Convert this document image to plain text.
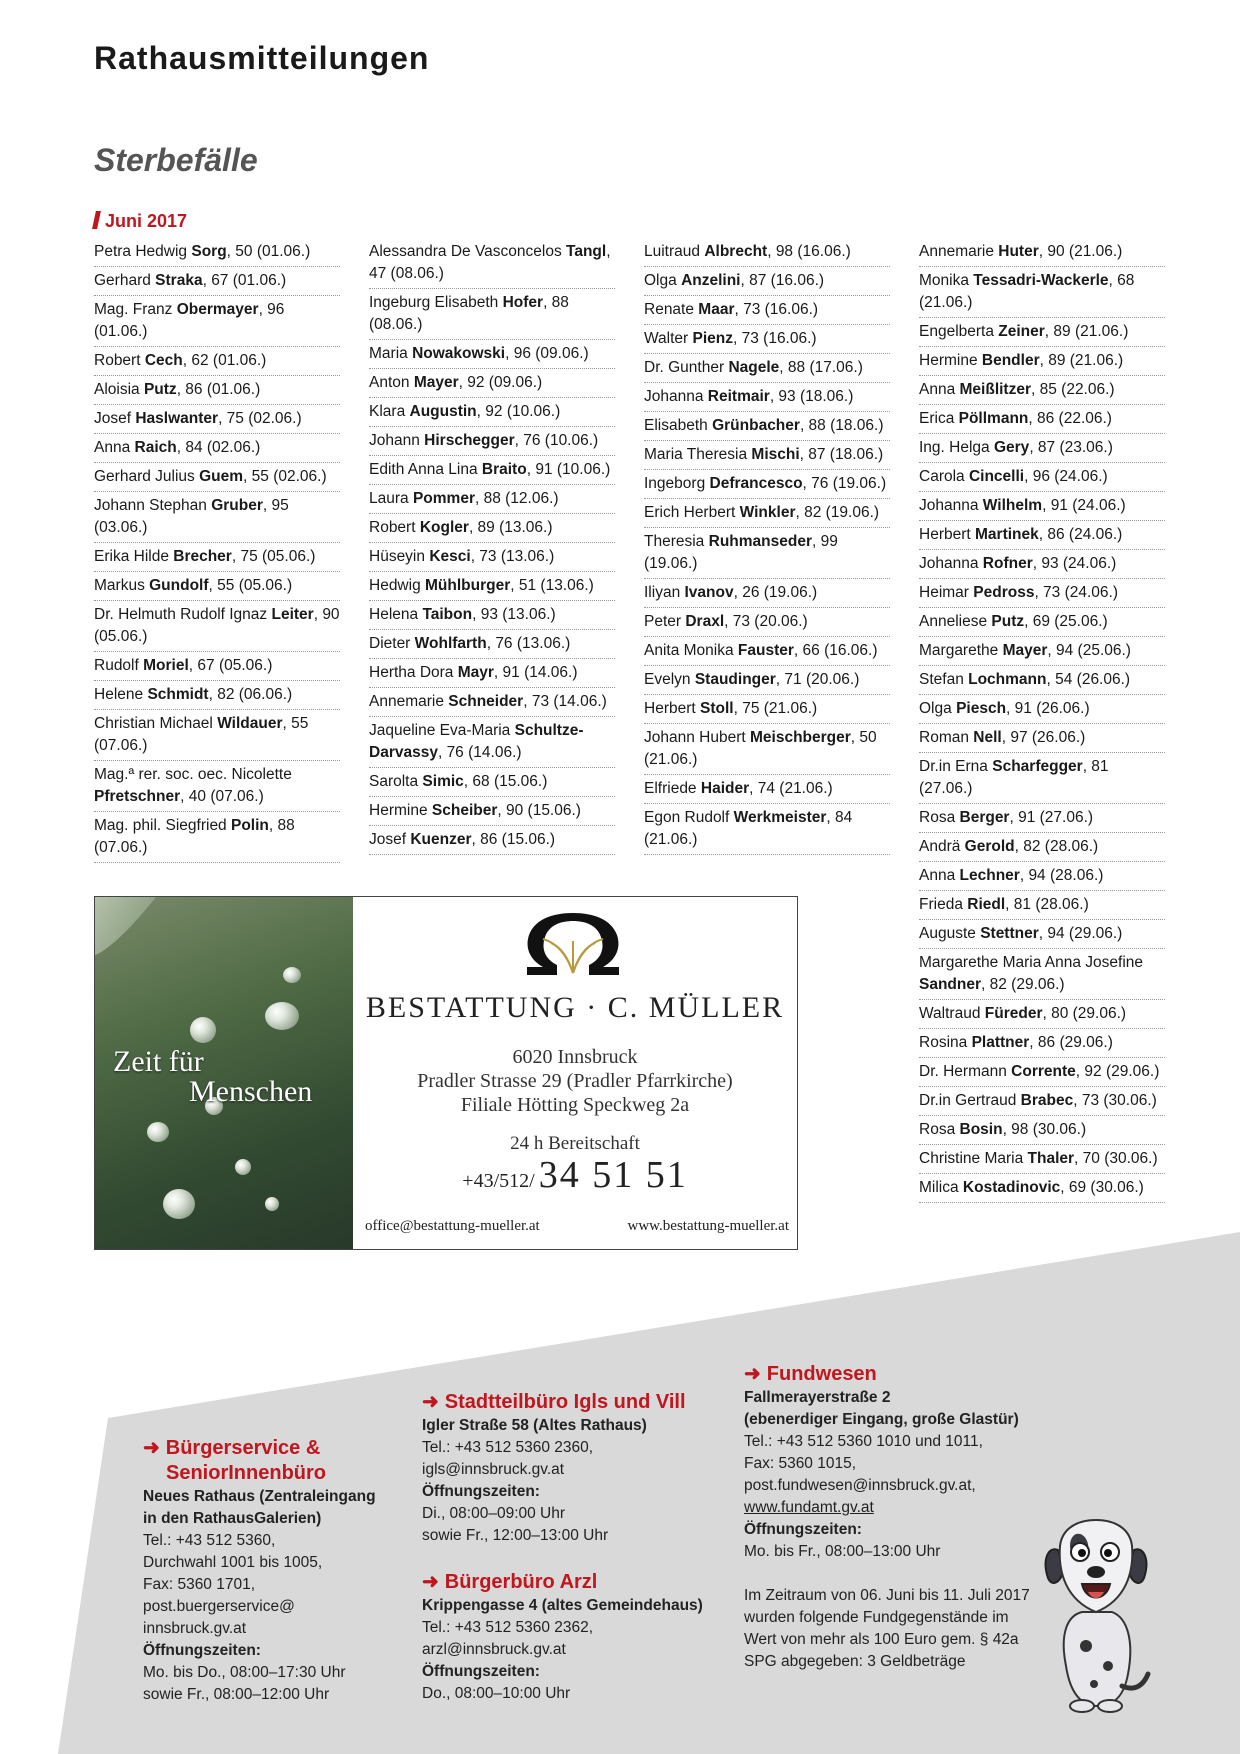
Rathausmitteilungen
Sterbefälle
Juni 2017
Petra Hedwig Sorg, 50 (01.06.)
Gerhard Straka, 67 (01.06.)
Mag. Franz Obermayer, 96 (01.06.)
Robert Cech, 62 (01.06.)
Aloisia Putz, 86 (01.06.)
Josef Haslwanter, 75 (02.06.)
Anna Raich, 84 (02.06.)
Gerhard Julius Guem, 55 (02.06.)
Johann Stephan Gruber, 95 (03.06.)
Erika Hilde Brecher, 75 (05.06.)
Markus Gundolf, 55 (05.06.)
Dr. Helmuth Rudolf Ignaz Leiter, 90 (05.06.)
Rudolf Moriel, 67 (05.06.)
Helene Schmidt, 82 (06.06.)
Christian Michael Wildauer, 55 (07.06.)
Mag.ª rer. soc. oec. Nicolette Pfretschner, 40 (07.06.)
Mag. phil. Siegfried Polin, 88 (07.06.)
Alessandra De Vasconcelos Tangl, 47 (08.06.)
Ingeburg Elisabeth Hofer, 88 (08.06.)
Maria Nowakowski, 96 (09.06.)
Anton Mayer, 92 (09.06.)
Klara Augustin, 92 (10.06.)
Johann Hirschegger, 76 (10.06.)
Edith Anna Lina Braito, 91 (10.06.)
Laura Pommer, 88 (12.06.)
Robert Kogler, 89 (13.06.)
Hüseyin Kesci, 73 (13.06.)
Hedwig Mühlburger, 51 (13.06.)
Helena Taibon, 93 (13.06.)
Dieter Wohlfarth, 76 (13.06.)
Hertha Dora Mayr, 91 (14.06.)
Annemarie Schneider, 73 (14.06.)
Jaqueline Eva-Maria Schultze-Darvassy, 76 (14.06.)
Sarolta Simic, 68 (15.06.)
Hermine Scheiber, 90 (15.06.)
Josef Kuenzer, 86 (15.06.)
Luitraud Albrecht, 98 (16.06.)
Olga Anzelini, 87 (16.06.)
Renate Maar, 73 (16.06.)
Walter Pienz, 73 (16.06.)
Dr. Gunther Nagele, 88 (17.06.)
Johanna Reitmair, 93 (18.06.)
Elisabeth Grünbacher, 88 (18.06.)
Maria Theresia Mischi, 87 (18.06.)
Ingeborg Defrancesco, 76 (19.06.)
Erich Herbert Winkler, 82 (19.06.)
Theresia Ruhmanseder, 99 (19.06.)
Iliyan Ivanov, 26 (19.06.)
Peter Draxl, 73 (20.06.)
Anita Monika Fauster, 66 (16.06.)
Evelyn Staudinger, 71 (20.06.)
Herbert Stoll, 75 (21.06.)
Johann Hubert Meischberger, 50 (21.06.)
Elfriede Haider, 74 (21.06.)
Egon Rudolf Werkmeister, 84 (21.06.)
Annemarie Huter, 90 (21.06.)
Monika Tessadri-Wackerle, 68 (21.06.)
Engelberta Zeiner, 89 (21.06.)
Hermine Bendler, 89 (21.06.)
Anna Meißlitzer, 85 (22.06.)
Erica Pöllmann, 86 (22.06.)
Ing. Helga Gery, 87 (23.06.)
Carola Cincelli, 96 (24.06.)
Johanna Wilhelm, 91 (24.06.)
Herbert Martinek, 86 (24.06.)
Johanna Rofner, 93 (24.06.)
Heimar Pedross, 73 (24.06.)
Anneliese Putz, 69 (25.06.)
Margarethe Mayer, 94 (25.06.)
Stefan Lochmann, 54 (26.06.)
Olga Piesch, 91 (26.06.)
Roman Nell, 97 (26.06.)
Dr.in Erna Scharfegger, 81 (27.06.)
Rosa Berger, 91 (27.06.)
Andrä Gerold, 82 (28.06.)
Anna Lechner, 94 (28.06.)
Frieda Riedl, 81 (28.06.)
Auguste Stettner, 94 (29.06.)
Margarethe Maria Anna Josefine Sandner, 82 (29.06.)
Waltraud Füreder, 80 (29.06.)
Rosina Plattner, 86 (29.06.)
Dr. Hermann Corrente, 92 (29.06.)
Dr.in Gertraud Brabec, 73 (30.06.)
Rosa Bosin, 98 (30.06.)
Christine Maria Thaler, 70 (30.06.)
Milica Kostadinovic, 69 (30.06.)
Zeit für
Menschen
BESTATTUNG · C. MÜLLER
6020 Innsbruck
Pradler Strasse 29 (Pradler Pfarrkirche)
Filiale Hötting Speckweg 2a
24 h Bereitschaft
+43/512/ 34 51 51
office@bestattung-mueller.at	www.bestattung-mueller.at
➜ Bürgerservice &
SeniorInnenbüro
Neues Rathaus (Zentraleingang
in den RathausGalerien)
Tel.: +43 512 5360,
Durchwahl 1001 bis 1005,
Fax: 5360 1701,
post.buergerservice@
innsbruck.gv.at
Öffnungszeiten:
Mo. bis Do., 08:00–17:30 Uhr
sowie Fr., 08:00–12:00 Uhr
➜ Stadtteilbüro Igls und Vill
Igler Straße 58 (Altes Rathaus)
Tel.: +43 512 5360 2360,
igls@innsbruck.gv.at
Öffnungszeiten:
Di., 08:00–09:00 Uhr
sowie Fr., 12:00–13:00 Uhr
➜ Bürgerbüro Arzl
Krippengasse 4 (altes Gemeindehaus)
Tel.: +43 512 5360 2362,
arzl@innsbruck.gv.at
Öffnungszeiten:
Do., 08:00–10:00 Uhr
➜ Fundwesen
Fallmerayerstraße 2
(ebenerdiger Eingang, große Glastür)
Tel.: +43 512 5360 1010 und 1011,
Fax: 5360 1015,
post.fundwesen@innsbruck.gv.at,
www.fundamt.gv.at
Öffnungszeiten:
Mo. bis Fr., 08:00–13:00 Uhr
Im Zeitraum von 06. Juni bis 11. Juli 2017
wurden folgende Fundgegenstände im
Wert von mehr als 100 Euro gem. § 42a
SPG abgegeben: 3 Geldbeträge
